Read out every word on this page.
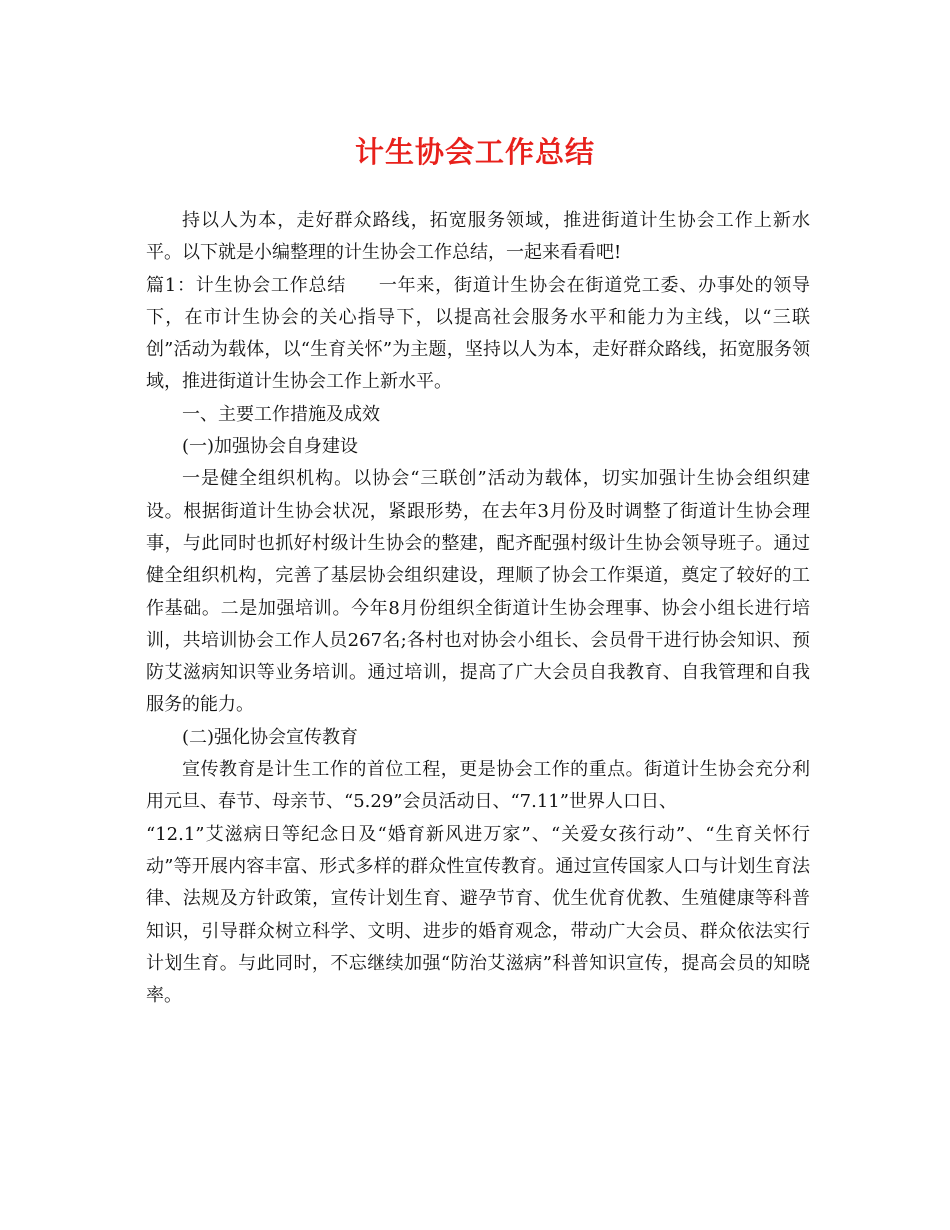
计生协会工作总结

持以人为本，走好群众路线，拓宽服务领域，推进街道计生协会工作上新水平。以下就是小编整理的计生协会工作总结，一起来看看吧!

篇1：计生协会工作总结 一年来，街道计生协会在街道党工委、办事处的领导下，在市计生协会的关心指导下，以提高社会服务水平和能力为主线，以“三联创”活动为载体，以“生育关怀”为主题，坚持以人为本，走好群众路线，拓宽服务领域，推进街道计生协会工作上新水平。

一、主要工作措施及成效

(一)加强协会自身建设

一是健全组织机构。以协会“三联创”活动为载体，切实加强计生协会组织建设。根据街道计生协会状况，紧跟形势，在去年3月份及时调整了街道计生协会理事，与此同时也抓好村级计生协会的整建，配齐配强村级计生协会领导班子。通过健全组织机构，完善了基层协会组织建设，理顺了协会工作渠道，奠定了较好的工作基础。二是加强培训。今年8月份组织全街道计生协会理事、协会小组长进行培训，共培训协会工作人员267名;各村也对协会小组长、会员骨干进行协会知识、预防艾滋病知识等业务培训。通过培训，提高了广大会员自我教育、自我管理和自我服务的能力。

(二)强化协会宣传教育

宣传教育是计生工作的首位工程，更是协会工作的重点。街道计生协会充分利用元旦、春节、母亲节、“5.29”会员活动日、“7.11”世界人口日、

“12.1”艾滋病日等纪念日及“婚育新风进万家”、“关爱女孩行动”、“生育关怀行动”等开展内容丰富、形式多样的群众性宣传教育。通过宣传国家人口与计划生育法律、法规及方针政策，宣传计划生育、避孕节育、优生优育优教、生殖健康等科普知识，引导群众树立科学、文明、进步的婚育观念，带动广大会员、群众依法实行计划生育。与此同时，不忘继续加强“防治艾滋病”科普知识宣传，提高会员的知晓率。
